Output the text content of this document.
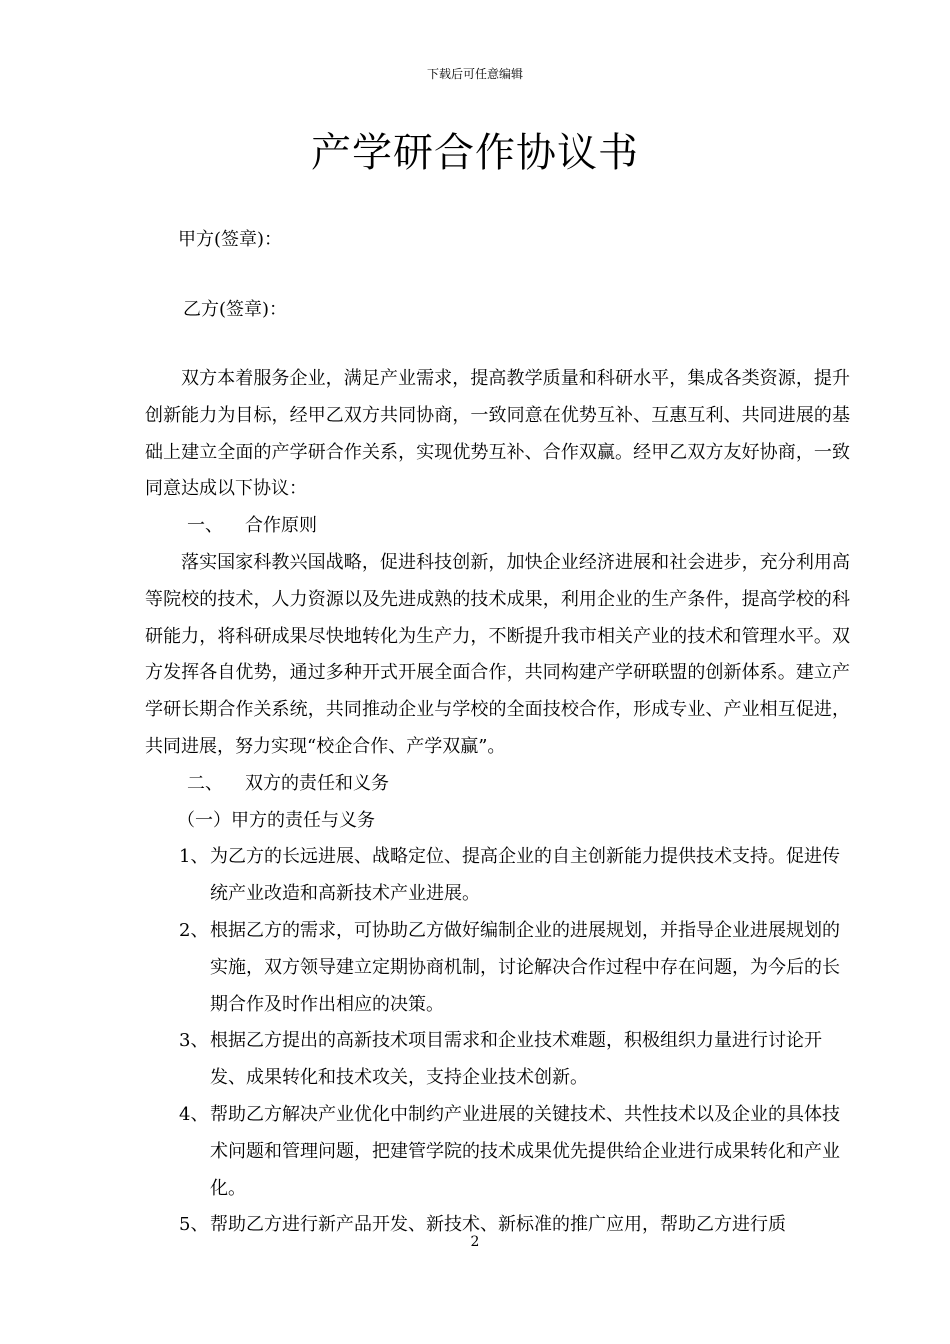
下载后可任意编辑
产学研合作协议书
甲方(签章)：
乙方(签章)：

双方本着服务企业，满足产业需求，提高教学质量和科研水平，集成各类资源，提升创新能力为目标，经甲乙双方共同协商，一致同意在优势互补、互惠互利、共同进展的基础上建立全面的产学研合作关系，实现优势互补、合作双赢。经甲乙双方友好协商，一致同意达成以下协议：

一、 合作原则

落实国家科教兴国战略，促进科技创新，加快企业经济进展和社会进步，充分利用高等院校的技术，人力资源以及先进成熟的技术成果，利用企业的生产条件，提高学校的科研能力，将科研成果尽快地转化为生产力，不断提升我市相关产业的技术和管理水平。双方发挥各自优势，通过多种开式开展全面合作，共同构建产学研联盟的创新体系。建立产学研长期合作关系统，共同推动企业与学校的全面技校合作，形成专业、产业相互促进，共同进展，努力实现“校企合作、产学双赢”。

二、 双方的责任和义务

（一）甲方的责任与义务

1、 为乙方的长远进展、战略定位、提高企业的自主创新能力提供技术支持。促进传统产业改造和高新技术产业进展。

2、 根据乙方的需求，可协助乙方做好编制企业的进展规划，并指导企业进展规划的实施，双方领导建立定期协商机制，讨论解决合作过程中存在问题，为今后的长期合作及时作出相应的决策。

3、 根据乙方提出的高新技术项目需求和企业技术难题，积极组织力量进行讨论开发、成果转化和技术攻关，支持企业技术创新。

4、 帮助乙方解决产业优化中制约产业进展的关键技术、共性技术以及企业的具体技术问题和管理问题，把建管学院的技术成果优先提供给企业进行成果转化和产业化。

5、 帮助乙方进行新产品开发、新技术、新标准的推广应用，帮助乙方进行质

2
